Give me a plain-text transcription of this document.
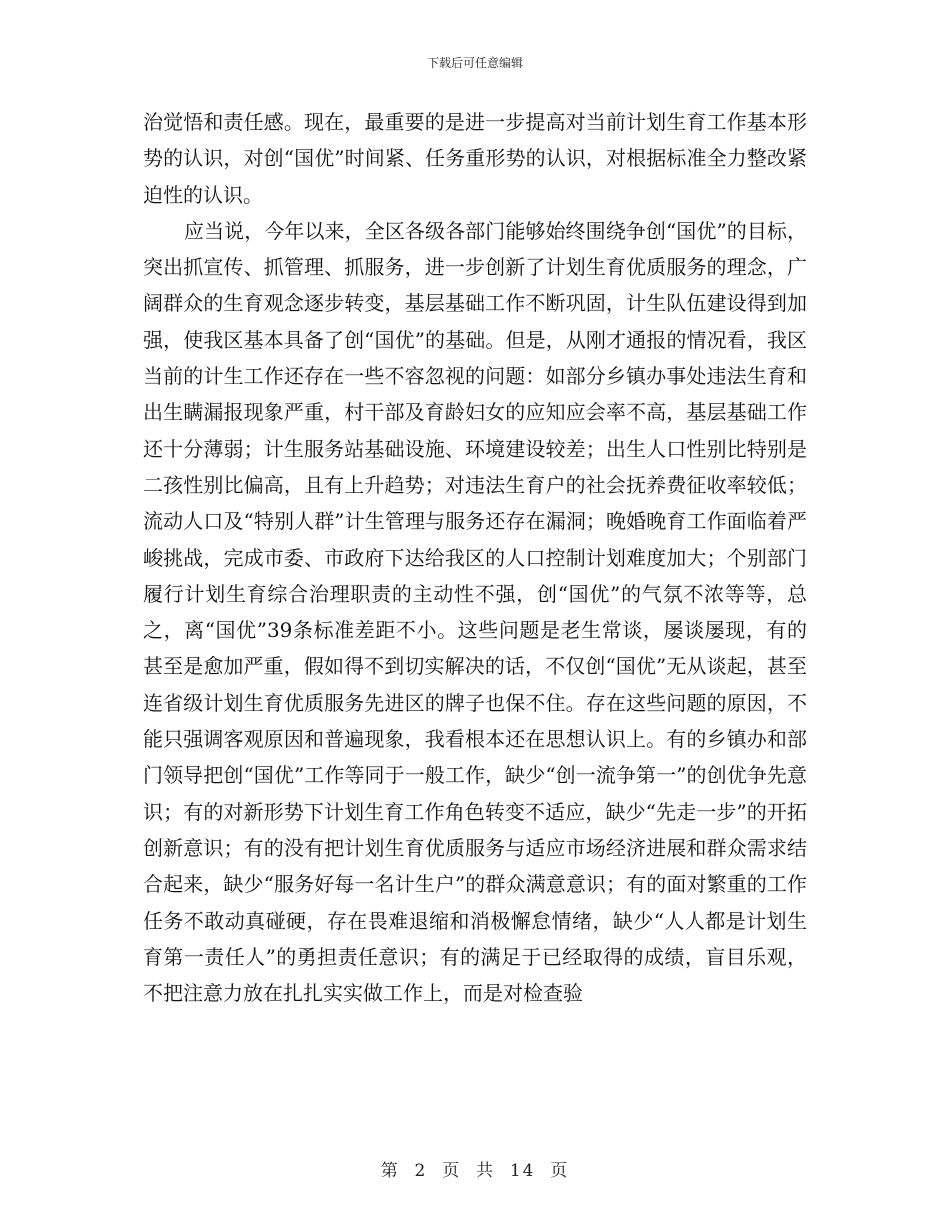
下载后可任意编辑

治觉悟和责任感。现在，最重要的是进一步提高对当前计划生育工作基本形势的认识，对创“国优”时间紧、任务重形势的认识，对根据标准全力整改紧迫性的认识。

应当说，今年以来，全区各级各部门能够始终围绕争创“国优”的目标，突出抓宣传、抓管理、抓服务，进一步创新了计划生育优质服务的理念，广阔群众的生育观念逐步转变，基层基础工作不断巩固，计生队伍建设得到加强，使我区基本具备了创“国优”的基础。但是，从刚才通报的情况看，我区当前的计生工作还存在一些不容忽视的问题：如部分乡镇办事处违法生育和出生瞒漏报现象严重，村干部及育龄妇女的应知应会率不高，基层基础工作还十分薄弱；计生服务站基础设施、环境建设较差；出生人口性别比特别是二孩性别比偏高，且有上升趋势；对违法生育户的社会抚养费征收率较低；流动人口及“特别人群”计生管理与服务还存在漏洞；晚婚晚育工作面临着严峻挑战，完成市委、市政府下达给我区的人口控制计划难度加大；个别部门履行计划生育综合治理职责的主动性不强，创“国优”的气氛不浓等等，总之，离“国优”39条标准差距不小。这些问题是老生常谈，屡谈屡现，有的甚至是愈加严重，假如得不到切实解决的话，不仅创“国优”无从谈起，甚至连省级计划生育优质服务先进区的牌子也保不住。存在这些问题的原因，不能只强调客观原因和普遍现象，我看根本还在思想认识上。有的乡镇办和部门领导把创“国优”工作等同于一般工作，缺少“创一流争第一”的创优争先意识；有的对新形势下计划生育工作角色转变不适应，缺少“先走一步”的开拓创新意识；有的没有把计划生育优质服务与适应市场经济进展和群众需求结合起来，缺少“服务好每一名计生户”的群众满意意识；有的面对繁重的工作任务不敢动真碰硬，存在畏难退缩和消极懈怠情绪，缺少“人人都是计划生育第一责任人”的勇担责任意识；有的满足于已经取得的成绩，盲目乐观，不把注意力放在扎扎实实做工作上，而是对检查验

第  2  页  共  14  页
